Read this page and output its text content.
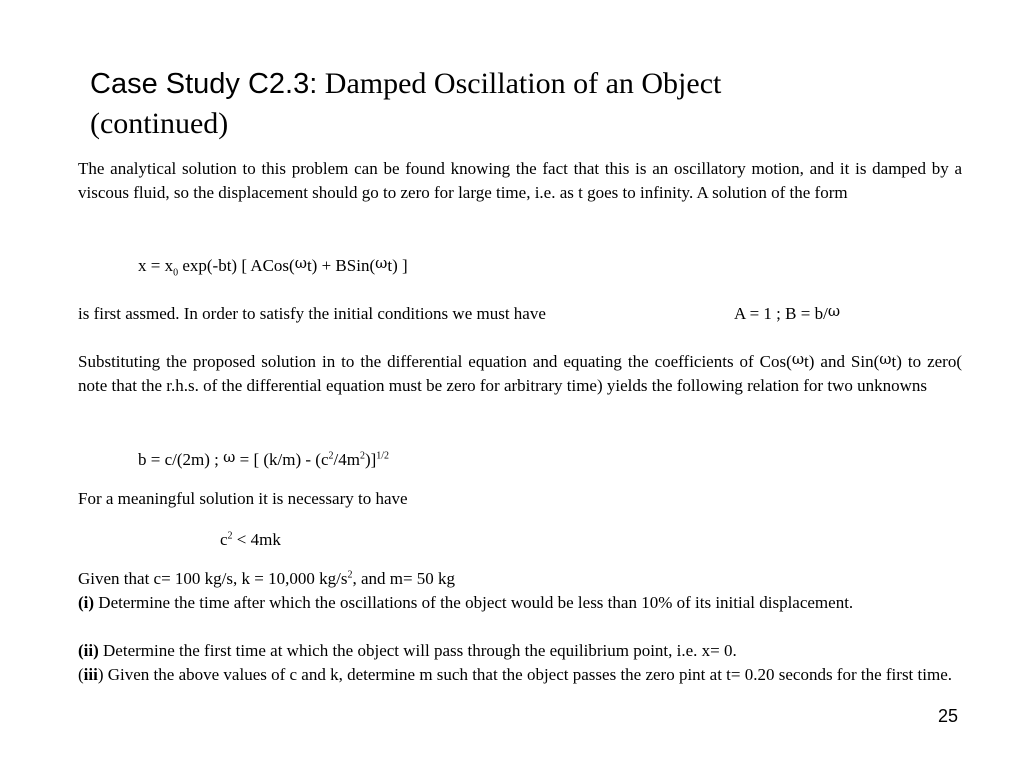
Case Study C2.3: Damped Oscillation of an Object
(continued)
The analytical solution to this problem can be found knowing the fact that this is an oscillatory motion, and it is damped by a viscous fluid, so the displacement should go to zero for large time, i.e. as t goes to infinity. A solution of the form
$x = x_0$ exp(-bt) [ ACos(ωt) + BSin(ωt) ]
is first assmed. In order to satisfy the initial conditions we must have	A = 1 ; B = b/ω
Substituting the proposed solution in to the differential equation and equating the coefficients of Cos(ωt) and Sin(ωt) to zero( note that the r.h.s. of the differential equation must be zero for arbitrary time) yields the following relation for two unknowns
b = c/(2m) ; ω = [ $(k/m) - (c^2/4m^2)]^{1/2}$
For a meaningful solution it is necessary to have
$c^2 < 4mk$
Given that c= 100 kg/s, k = 10,000 $kg/s^2$, and m= 50 kg
(i) Determine the time after which the oscillations of the object would be less than 10% of its initial displacement.
(ii) Determine the first time at which the object will pass through the equilibrium point, i.e. x= 0.
(iii) Given the above values of c and k, determine m such that the object passes the zero pint at t= 0.20 seconds for the first time.
25
